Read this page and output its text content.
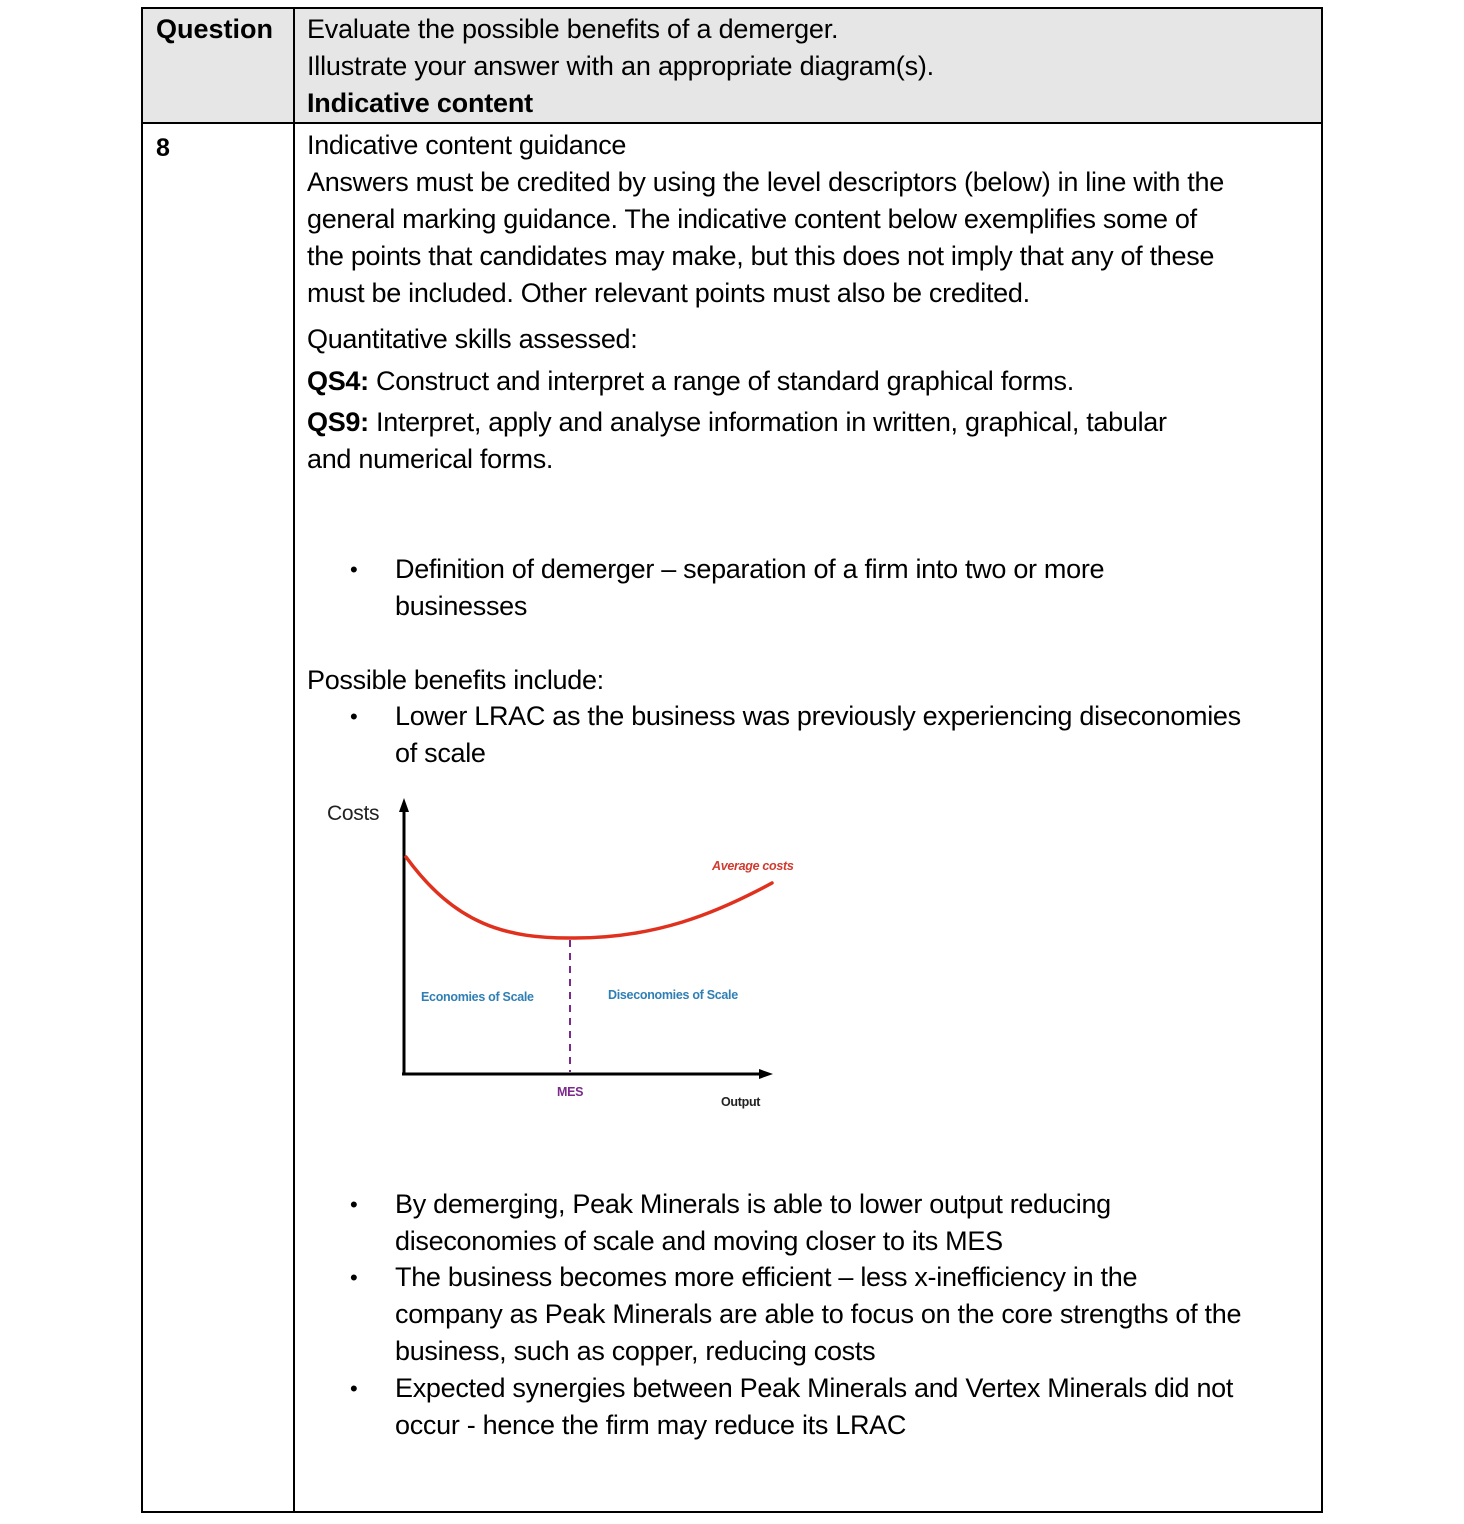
Question	Evaluate the possible benefits of a demerger.
Illustrate your answer with an appropriate diagram(s).
Indicative content

8	Indicative content guidance
Answers must be credited by using the level descriptors (below) in line with the
general marking guidance. The indicative content below exemplifies some of
the points that candidates may make, but this does not imply that any of these
must be included. Other relevant points must also be credited.
Quantitative skills assessed:
QS4: Construct and interpret a range of standard graphical forms.
QS9: Interpret, apply and analyse information in written, graphical, tabular
and numerical forms.
• Definition of demerger – separation of a firm into two or more
businesses
Possible benefits include:
• Lower LRAC as the business was previously experiencing diseconomies
of scale
Costs
Average costs
Economies of Scale	Diseconomies of Scale
MES
Output
• By demerging, Peak Minerals is able to lower output reducing
diseconomies of scale and moving closer to its MES
• The business becomes more efficient – less x-inefficiency in the
company as Peak Minerals are able to focus on the core strengths of the
business, such as copper, reducing costs
• Expected synergies between Peak Minerals and Vertex Minerals did not
occur - hence the firm may reduce its LRAC
